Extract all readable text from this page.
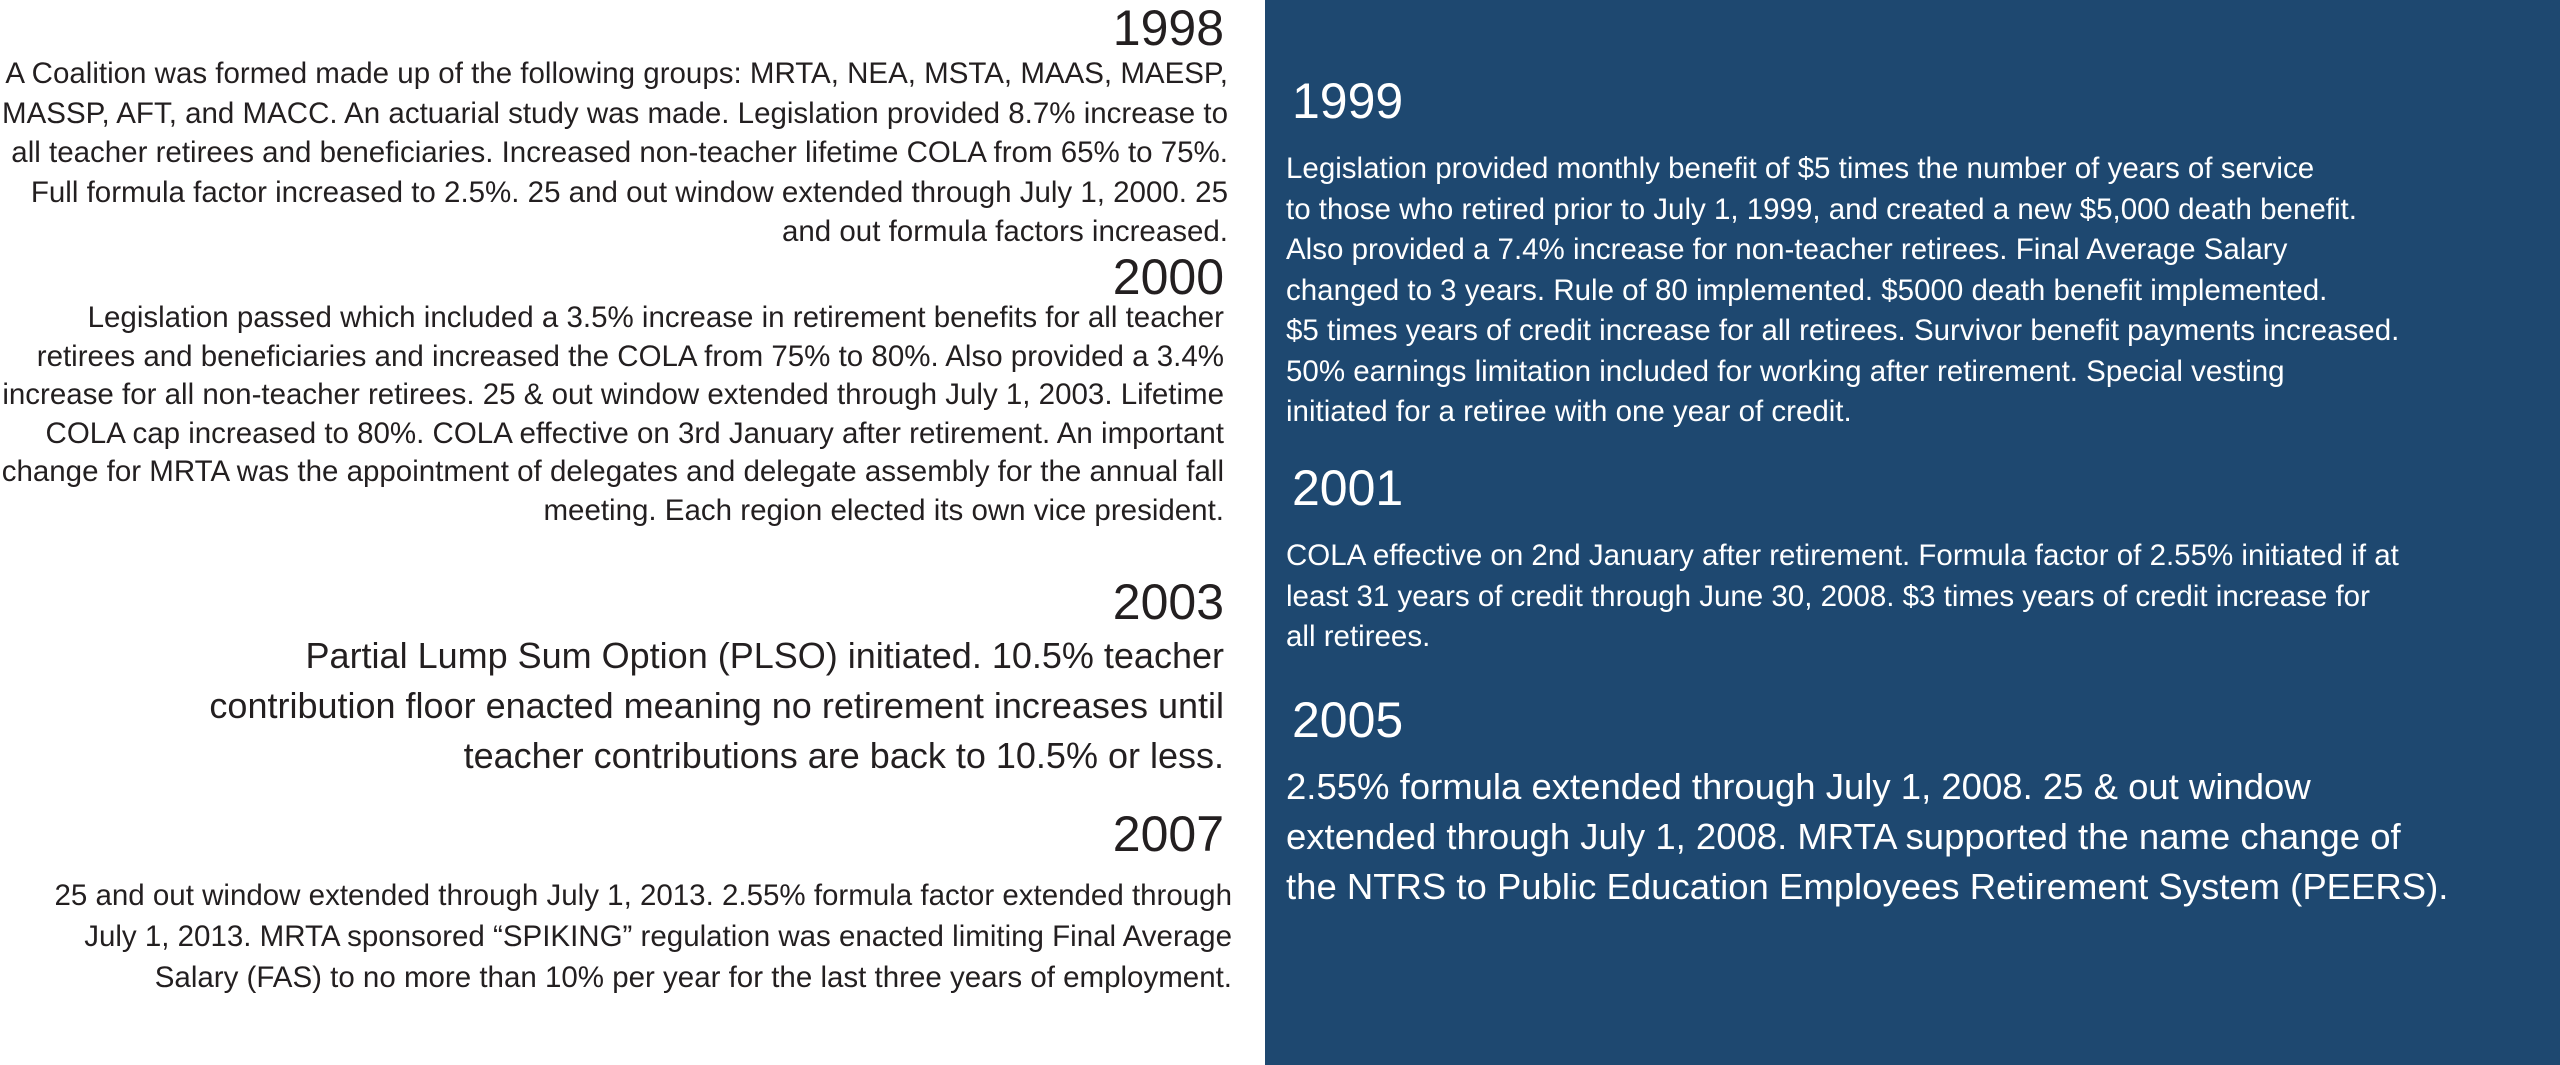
1998

A Coalition was formed made up of the following groups: MRTA, NEA, MSTA, MAAS, MAESP, MASSP, AFT, and MACC. An actuarial study was made. Legislation provided 8.7% increase to all teacher retirees and beneficiaries. Increased non-teacher lifetime COLA from 65% to 75%. Full formula factor increased to 2.5%. 25 and out window extended through July 1, 2000. 25 and out formula factors increased.

2000

Legislation passed which included a 3.5% increase in retirement benefits for all teacher retirees and beneficiaries and increased the COLA from 75% to 80%. Also provided a 3.4% increase for all non-teacher retirees. 25 & out window extended through July 1, 2003. Lifetime COLA cap increased to 80%. COLA effective on 3rd January after retirement. An important change for MRTA was the appointment of delegates and delegate assembly for the annual fall meeting. Each region elected its own vice president.

2003

Partial Lump Sum Option (PLSO) initiated. 10.5% teacher contribution floor enacted meaning no retirement increases until teacher contributions are back to 10.5% or less.

2007

25 and out window extended through July 1, 2013. 2.55% formula factor extended through July 1, 2013. MRTA sponsored “SPIKING” regulation was enacted limiting Final Average Salary (FAS) to no more than 10% per year for the last three years of employment.

1999
Legislation provided monthly benefit of $5 times the number of years of service
to those who retired prior to July 1, 1999, and created a new $5,000 death benefit.
Also provided a 7.4% increase for non-teacher retirees. Final Average Salary
changed to 3 years. Rule of 80 implemented. $5000 death benefit implemented.
$5 times years of credit increase for all retirees. Survivor benefit payments increased.
50% earnings limitation included for working after retirement. Special vesting
initiated for a retiree with one year of credit.
2001

COLA effective on 2nd January after retirement. Formula factor of 2.55% initiated if at least 31 years of credit through June 30, 2008. $3 times years of credit increase for all retirees.

2005

2.55% formula extended through July 1, 2008. 25 & out window extended through July 1, 2008. MRTA supported the name change of the NTRS to Public Education Employees Retirement System (PEERS).
